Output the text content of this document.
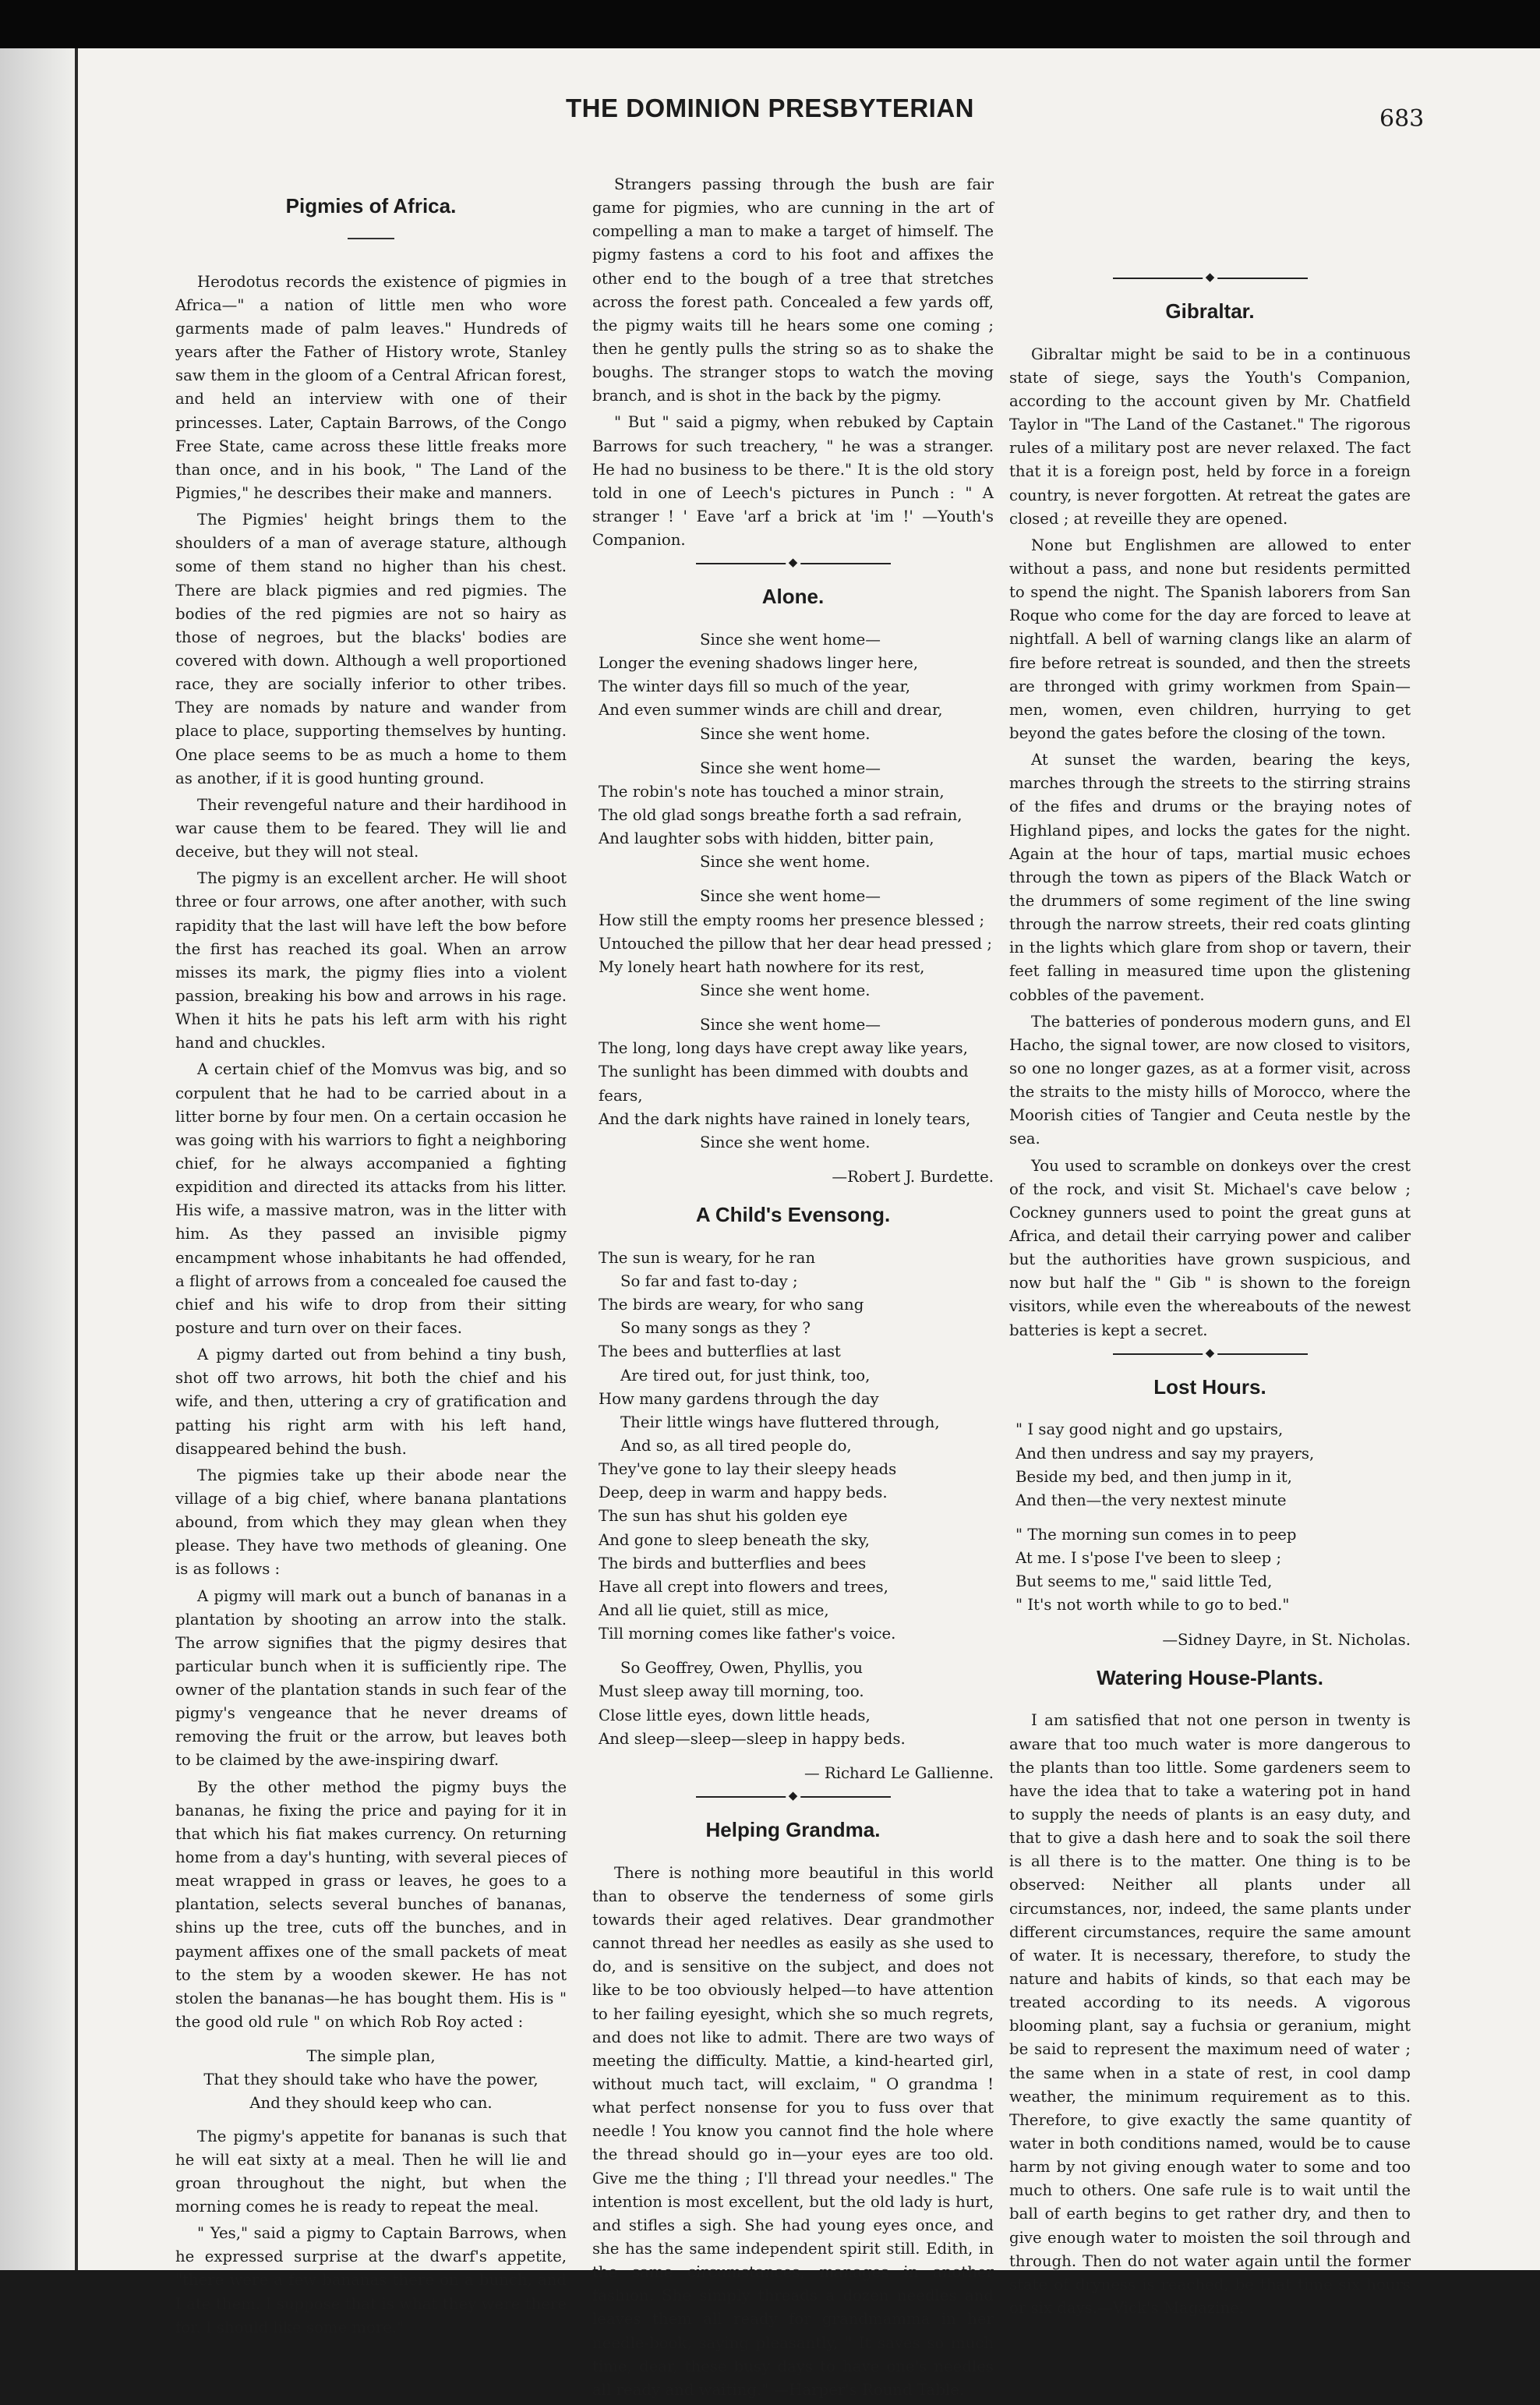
THE DOMINION PRESBYTERIAN	683
Pigmies of Africa.

Herodotus records the existence of pigmies in Africa—" a nation of little men who wore garments made of palm leaves." Hundreds of years after the Father of History wrote, Stanley saw them in the gloom of a Central African forest, and held an interview with one of their princesses. Later, Captain Barrows, of the Congo Free State, came across these little freaks more than once, and in his book, " The Land of the Pigmies," he describes their make and manners.

The Pigmies' height brings them to the shoulders of a man of average stature, although some of them stand no higher than his chest. There are black pigmies and red pigmies. The bodies of the red pigmies are not so hairy as those of negroes, but the blacks' bodies are covered with down. Although a well proportioned race, they are socially inferior to other tribes. They are nomads by nature and wander from place to place, supporting themselves by hunting. One place seems to be as much a home to them as another, if it is good hunting ground.

Their revengeful nature and their hardihood in war cause them to be feared. They will lie and deceive, but they will not steal.

The pigmy is an excellent archer. He will shoot three or four arrows, one after another, with such rapidity that the last will have left the bow before the first has reached its goal. When an arrow misses its mark, the pigmy flies into a violent passion, breaking his bow and arrows in his rage. When it hits he pats his left arm with his right hand and chuckles.

A certain chief of the Momvus was big, and so corpulent that he had to be carried about in a litter borne by four men. On a certain occasion he was going with his warriors to fight a neighboring chief, for he always accompanied a fighting expidition and directed its attacks from his litter. His wife, a massive matron, was in the litter with him. As they passed an invisible pigmy encampment whose inhabitants he had offended, a flight of arrows from a concealed foe caused the chief and his wife to drop from their sitting posture and turn over on their faces.

A pigmy darted out from behind a tiny bush, shot off two arrows, hit both the chief and his wife, and then, uttering a cry of gratification and patting his right arm with his left hand, disappeared behind the bush.

The pigmies take up their abode near the village of a big chief, where banana plantations abound, from which they may glean when they please. They have two methods of gleaning. One is as follows :

A pigmy will mark out a bunch of bananas in a plantation by shooting an arrow into the stalk. The arrow signifies that the pigmy desires that particular bunch when it is sufficiently ripe. The owner of the plantation stands in such fear of the pigmy's vengeance that he never dreams of removing the fruit or the arrow, but leaves both to be claimed by the awe-inspiring dwarf.

By the other method the pigmy buys the bananas, he fixing the price and paying for it in that which his fiat makes currency. On returning home from a day's hunting, with several pieces of meat wrapped in grass or leaves, he goes to a plantation, selects several bunches of bananas, shins up the tree, cuts off the bunches, and in payment affixes one of the small packets of meat to the stem by a wooden skewer. He has not stolen the bananas—he has bought them. His is " the good old rule " on which Rob Roy acted :

The simple plan,
That they should take who have the power,
And they should keep who can.

The pigmy's appetite for bananas is such that he will eat sixty at a meal. Then he will lie and groan throughout the night, but when the morning comes he is ready to repeat the meal.

" Yes," said a pigmy to Captain Barrows, when he expressed surprise at the dwarf's appetite, "there were a few bananas there on a bunch, and I ate them. I suppose that is what they were there for. I should like some more."

Strangers passing through the bush are fair game for pigmies, who are cunning in the art of compelling a man to make a target of himself. The pigmy fastens a cord to his foot and affixes the other end to the bough of a tree that stretches across the forest path. Concealed a few yards off, the pigmy waits till he hears some one coming ; then he gently pulls the string so as to shake the boughs. The stranger stops to watch the moving branch, and is shot in the back by the pigmy.

" But " said a pigmy, when rebuked by Captain Barrows for such treachery, " he was a stranger. He had no business to be there." It is the old story told in one of Leech's pictures in Punch : " A stranger ! ' Eave 'arf a brick at 'im !' —Youth's Companion.

◆
Alone.
Since she went home—
Longer the evening shadows linger here,
The winter days fill so much of the year,
And even summer winds are chill and drear,
Since she went home.
Since she went home—
The robin's note has touched a minor strain,
The old glad songs breathe forth a sad refrain,
And laughter sobs with hidden, bitter pain,
Since she went home.
Since she went home—
How still the empty rooms her presence blessed ;
Untouched the pillow that her dear head pressed ;
My lonely heart hath nowhere for its rest,
Since she went home.
Since she went home—
The long, long days have crept away like years,
The sunlight has been dimmed with doubts and fears,
And the dark nights have rained in lonely tears,
Since she went home.
—Robert J. Burdette.
A Child's Evensong.
The sun is weary, for he ran
So far and fast to-day ;
The birds are weary, for who sang
So many songs as they ?
The bees and butterflies at last
Are tired out, for just think, too,
How many gardens through the day
Their little wings have fluttered through,
And so, as all tired people do,
They've gone to lay their sleepy heads
Deep, deep in warm and happy beds.
The sun has shut his golden eye
And gone to sleep beneath the sky,
The birds and butterflies and bees
Have all crept into flowers and trees,
And all lie quiet, still as mice,
Till morning comes like father's voice.
So Geoffrey, Owen, Phyllis, you
Must sleep away till morning, too.
Close little eyes, down little heads,
And sleep—sleep—sleep in happy beds.
— Richard Le Gallienne.
◆
Helping Grandma.

There is nothing more beautiful in this world than to observe the tenderness of some girls towards their aged relatives. Dear grandmother cannot thread her needles as easily as she used to do, and is sensitive on the subject, and does not like to be too obviously helped—to have attention to her failing eyesight, which she so much regrets, and does not like to admit. There are two ways of meeting the difficulty. Mattie, a kind-hearted girl, without much tact, will exclaim, " O grandma ! what perfect nonsense for you to fuss over that needle ! You know you cannot find the hole where the thread should go in—your eyes are too old. Give me the thing ; I'll thread your needles." The intention is most excellent, but the old lady is hurt, and stifles a sigh. She had young eyes once, and she has the same independent spirit still. Edith, in the same circumstances, manages in another fashion. She simply threads a dozen needles and leaves them all ready for grandmamma in her needle-book, saying pleasantly, " It saves so much time, dear, these busy days to have one's needles all ready and waiting." —Harper's Round Table.

◆
Gibraltar.

Gibraltar might be said to be in a continuous state of siege, says the Youth's Companion, according to the account given by Mr. Chatfield Taylor in "The Land of the Castanet." The rigorous rules of a military post are never relaxed. The fact that it is a foreign post, held by force in a foreign country, is never forgotten. At retreat the gates are closed ; at reveille they are opened.

None but Englishmen are allowed to enter without a pass, and none but residents permitted to spend the night. The Spanish laborers from San Roque who come for the day are forced to leave at nightfall. A bell of warning clangs like an alarm of fire before retreat is sounded, and then the streets are thronged with grimy workmen from Spain—men, women, even children, hurrying to get beyond the gates before the closing of the town.

At sunset the warden, bearing the keys, marches through the streets to the stirring strains of the fifes and drums or the braying notes of Highland pipes, and locks the gates for the night. Again at the hour of taps, martial music echoes through the town as pipers of the Black Watch or the drummers of some regiment of the line swing through the narrow streets, their red coats glinting in the lights which glare from shop or tavern, their feet falling in measured time upon the glistening cobbles of the pavement.

The batteries of ponderous modern guns, and El Hacho, the signal tower, are now closed to visitors, so one no longer gazes, as at a former visit, across the straits to the misty hills of Morocco, where the Moorish cities of Tangier and Ceuta nestle by the sea.

You used to scramble on donkeys over the crest of the rock, and visit St. Michael's cave below ; Cockney gunners used to point the great guns at Africa, and detail their carrying power and caliber but the authorities have grown suspicious, and now but half the " Gib " is shown to the foreign visitors, while even the whereabouts of the newest batteries is kept a secret.

◆
Lost Hours.
" I say good night and go upstairs,
And then undress and say my prayers,
Beside my bed, and then jump in it,
And then—the very nextest minute
" The morning sun comes in to peep
At me. I s'pose I've been to sleep ;
But seems to me," said little Ted,
" It's not worth while to go to bed."
—Sidney Dayre, in St. Nicholas.
Watering House-Plants.

I am satisfied that not one person in twenty is aware that too much water is more dangerous to the plants than too little. Some gardeners seem to have the idea that to take a watering pot in hand to supply the needs of plants is an easy duty, and that to give a dash here and to soak the soil there is all there is to the matter. One thing is to be observed: Neither all plants under all circumstances, nor, indeed, the same plants under different circumstances, require the same amount of water. It is necessary, therefore, to study the nature and habits of kinds, so that each may be treated according to its needs. A vigorous blooming plant, say a fuchsia or geranium, might be said to represent the maximum need of water ; the same when in a state of rest, in cool damp weather, the minimum requirement as to this. Therefore, to give exactly the same quantity of water in both conditions named, would be to cause harm by not giving enough water to some and too much to others. One safe rule is to wait until the ball of earth begins to get rather dry, and then to give enough water to moisten the soil through and through. Then do not water again until the former state of dryness is reached, be that time six hours or six days.—Vick's Magazine.
